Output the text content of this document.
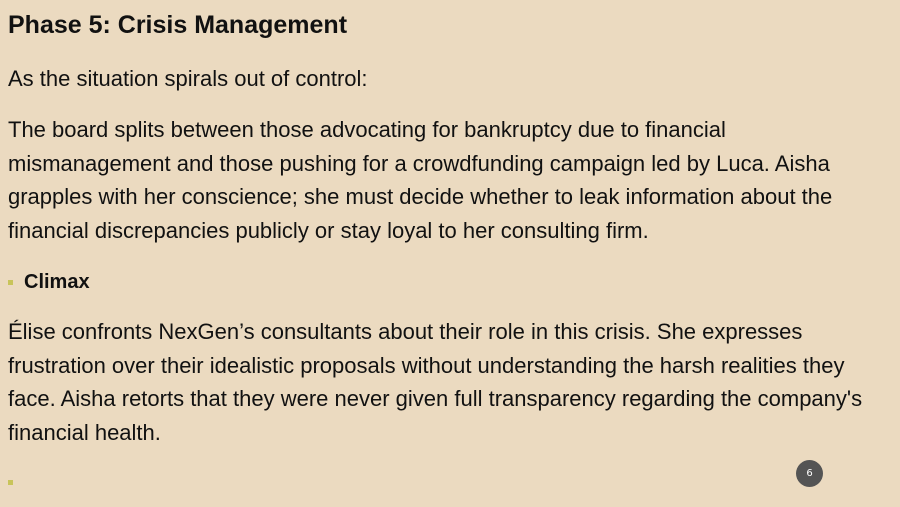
Phase 5: Crisis Management

As the situation spirals out of control:

The board splits between those advocating for bankruptcy due to financial mismanagement and those pushing for a crowdfunding campaign led by Luca. Aisha grapples with her conscience; she must decide whether to leak information about the financial discrepancies publicly or stay loyal to her consulting firm.

Climax

Élise confronts NexGen’s consultants about their role in this crisis. She expresses frustration over their idealistic proposals without understanding the harsh realities they face. Aisha retorts that they were never given full transparency regarding the company's financial health.

6
